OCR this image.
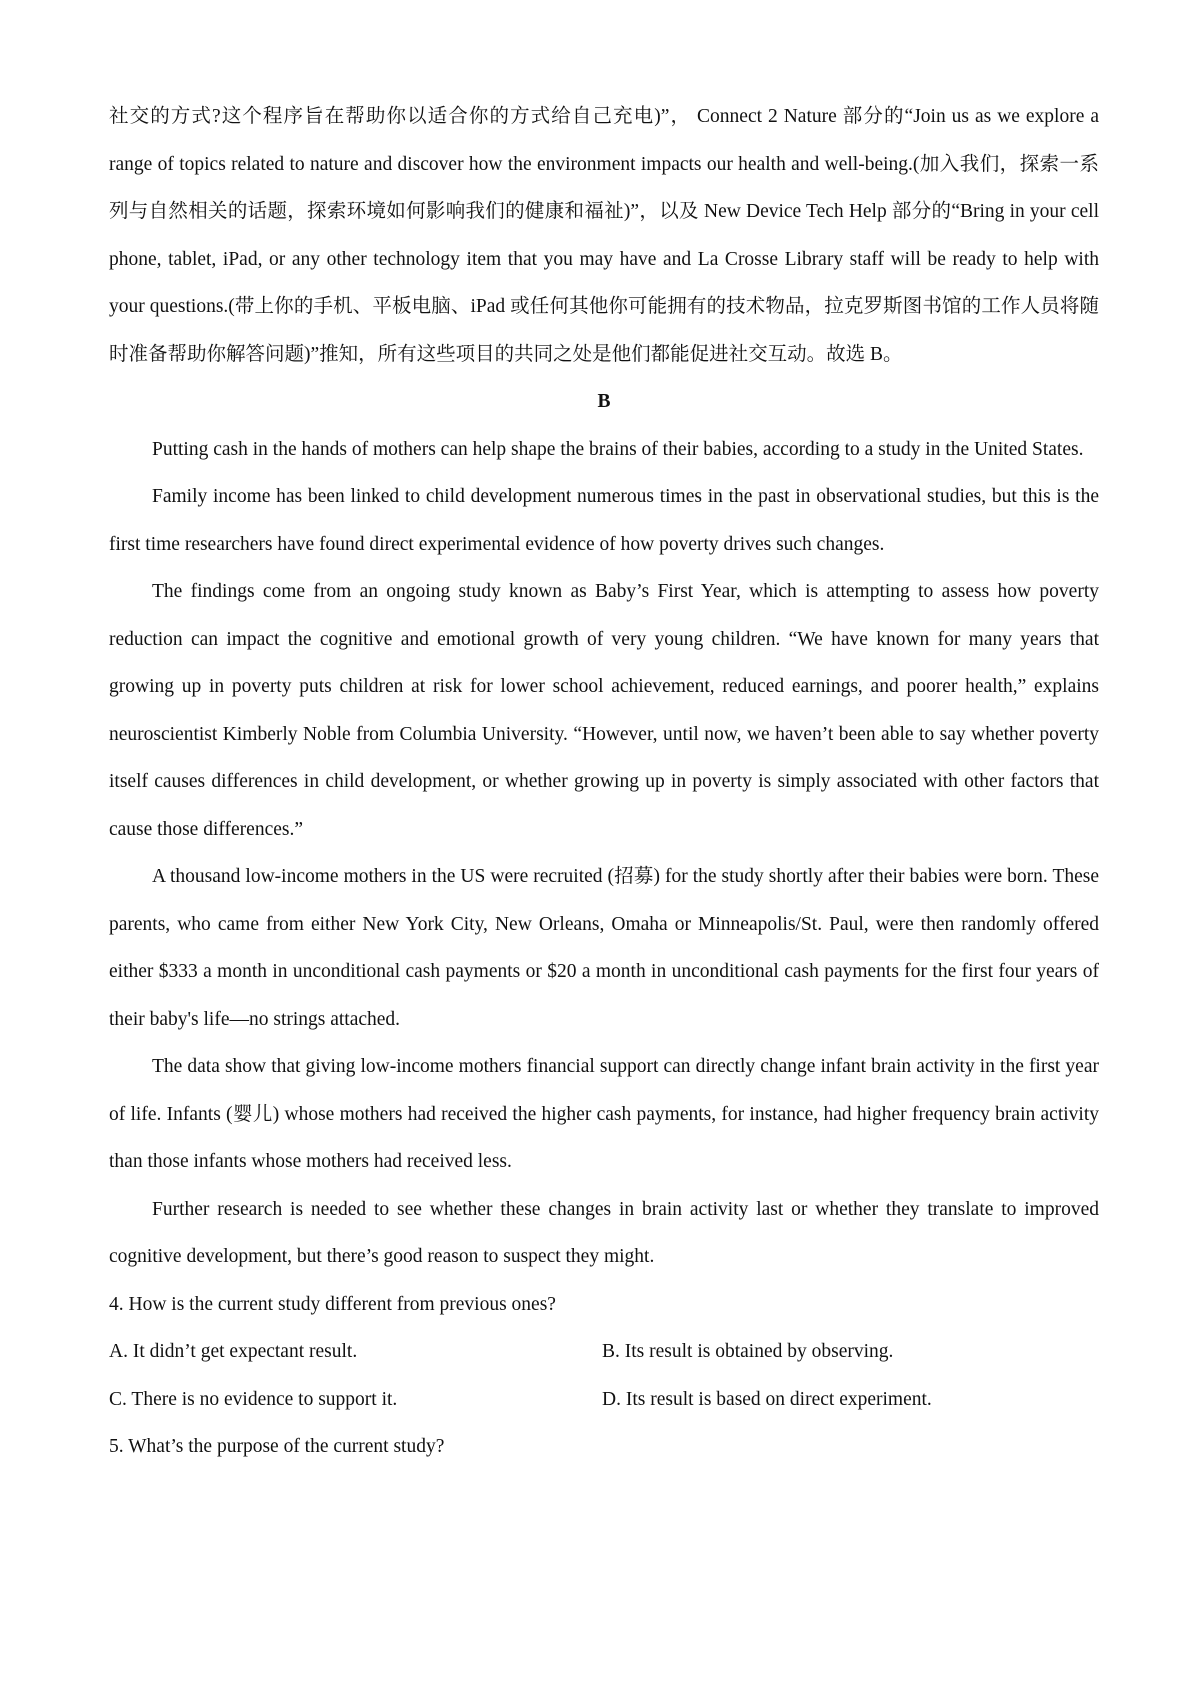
社交的方式?这个程序旨在帮助你以适合你的方式给自己充电)”， Connect 2 Nature 部分的“Join us as we explore a range of topics related to nature and discover how the environment impacts our health and well-being.(加入我们，探索一系列与自然相关的话题，探索环境如何影响我们的健康和福祉)”，以及 New Device Tech Help 部分的“Bring in your cell phone, tablet, iPad, or any other technology item that you may have and La Crosse Library staff will be ready to help with your questions.(带上你的手机、平板电脑、iPad 或任何其他你可能拥有的技术物品，拉克罗斯图书馆的工作人员将随时准备帮助你解答问题)”推知，所有这些项目的共同之处是他们都能促进社交互动。故选 B。

B

Putting cash in the hands of mothers can help shape the brains of their babies, according to a study in the United States.

Family income has been linked to child development numerous times in the past in observational studies, but this is the first time researchers have found direct experimental evidence of how poverty drives such changes.

The findings come from an ongoing study known as Baby’s First Year, which is attempting to assess how poverty reduction can impact the cognitive and emotional growth of very young children. “We have known for many years that growing up in poverty puts children at risk for lower school achievement, reduced earnings, and poorer health,” explains neuroscientist Kimberly Noble from Columbia University. “However, until now, we haven’t been able to say whether poverty itself causes differences in child development, or whether growing up in poverty is simply associated with other factors that cause those differences.”

A thousand low-income mothers in the US were recruited (招募) for the study shortly after their babies were born. These parents, who came from either New York City, New Orleans, Omaha or Minneapolis/St. Paul, were then randomly offered either $333 a month in unconditional cash payments or $20 a month in unconditional cash payments for the first four years of their baby's life—no strings attached.

The data show that giving low-income mothers financial support can directly change infant brain activity in the first year of life. Infants (婴儿) whose mothers had received the higher cash payments, for instance, had higher frequency brain activity than those infants whose mothers had received less.

Further research is needed to see whether these changes in brain activity last or whether they translate to improved cognitive development, but there’s good reason to suspect they might.

4. How is the current study different from previous ones?

A. It didn’t get expectant result.	B. Its result is obtained by observing.
C. There is no evidence to support it.	D. Its result is based on direct experiment.

5. What’s the purpose of the current study?
